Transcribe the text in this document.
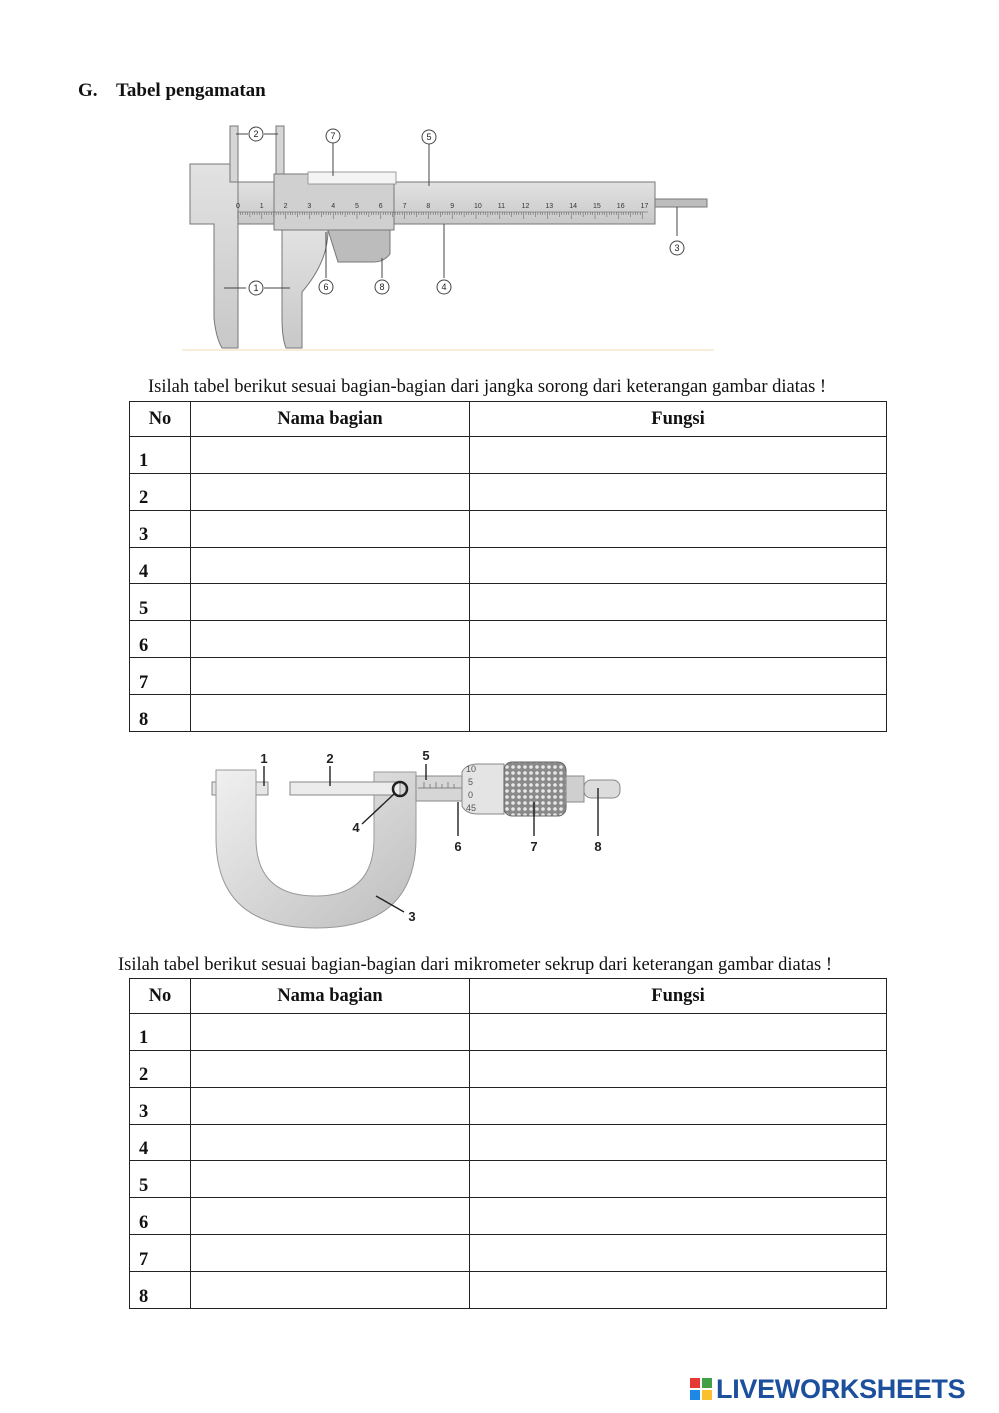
G. Tabel pengamatan
0	1	2	3	4	5	6	7	8	9	10 11 12 13 14 15 16 17
1
2
3
4
5
6
7
8
Isilah tabel berikut sesuai bagian-bagian dari jangka sorong dari keterangan gambar diatas !
No	Nama bagian	Fungsi
1		
2		
3		
4		
5		
6		
7		
8		
10
5
0
45
1	2
3
4
5
6	7	8
Isilah tabel berikut sesuai bagian-bagian dari mikrometer sekrup dari keterangan gambar diatas !
No	Nama bagian	Fungsi
1		
2		
3		
4		
5		
6		
7		
8		
LIVEWORKSHEETS
